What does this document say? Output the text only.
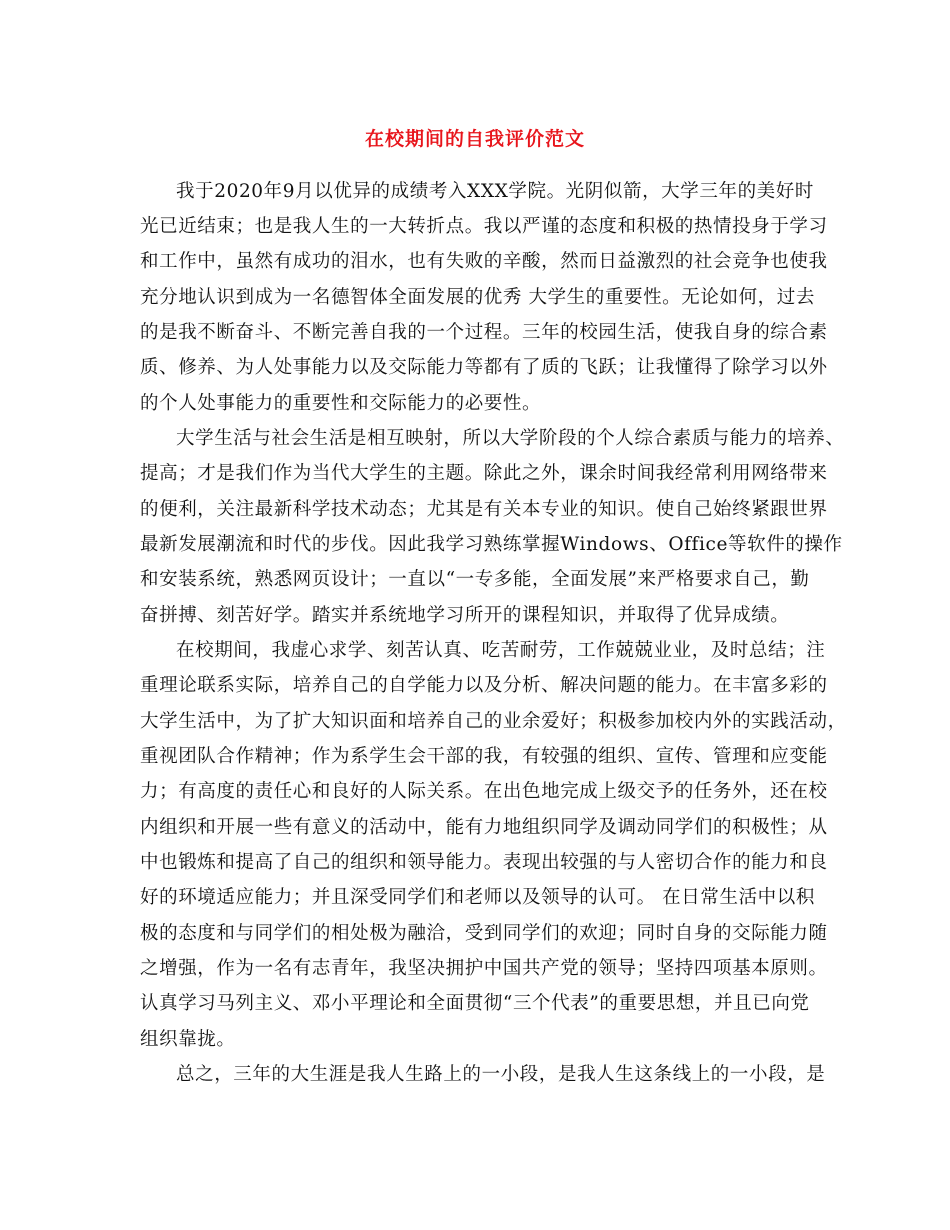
在校期间的自我评价范文

我于2020年9月以优异的成绩考入XXX学院。光阴似箭，大学三年的美好时

光已近结束；也是我人生的一大转折点。我以严谨的态度和积极的热情投身于学习

和工作中，虽然有成功的泪水，也有失败的辛酸，然而日益激烈的社会竞争也使我

充分地认识到成为一名德智体全面发展的优秀 大学生的重要性。无论如何，过去

的是我不断奋斗、不断完善自我的一个过程。三年的校园生活，使我自身的综合素

质、修养、为人处事能力以及交际能力等都有了质的飞跃；让我懂得了除学习以外

的个人处事能力的重要性和交际能力的必要性。

大学生活与社会生活是相互映射，所以大学阶段的个人综合素质与能力的培养、

提高；才是我们作为当代大学生的主题。除此之外，课余时间我经常利用网络带来

的便利，关注最新科学技术动态；尤其是有关本专业的知识。使自己始终紧跟世界

最新发展潮流和时代的步伐。因此我学习熟练掌握Windows、Office等软件的操作

和安装系统，熟悉网页设计；一直以“一专多能，全面发展”来严格要求自己，勤

奋拼搏、刻苦好学。踏实并系统地学习所开的课程知识，并取得了优异成绩。

在校期间，我虚心求学、刻苦认真、吃苦耐劳，工作兢兢业业，及时总结；注

重理论联系实际，培养自己的自学能力以及分析、解决问题的能力。在丰富多彩的

大学生活中，为了扩大知识面和培养自己的业余爱好；积极参加校内外的实践活动，

重视团队合作精神；作为系学生会干部的我，有较强的组织、宣传、管理和应变能

力；有高度的责任心和良好的人际关系。在出色地完成上级交予的任务外，还在校

内组织和开展一些有意义的活动中，能有力地组织同学及调动同学们的积极性；从

中也锻炼和提高了自己的组织和领导能力。表现出较强的与人密切合作的能力和良

好的环境适应能力；并且深受同学们和老师以及领导的认可。 在日常生活中以积

极的态度和与同学们的相处极为融洽，受到同学们的欢迎；同时自身的交际能力随

之增强，作为一名有志青年，我坚决拥护中国共产党的领导；坚持四项基本原则。

认真学习马列主义、邓小平理论和全面贯彻“三个代表”的重要思想，并且已向党

组织靠拢。

总之，三年的大生涯是我人生路上的一小段，是我人生这条线上的一小段，是
